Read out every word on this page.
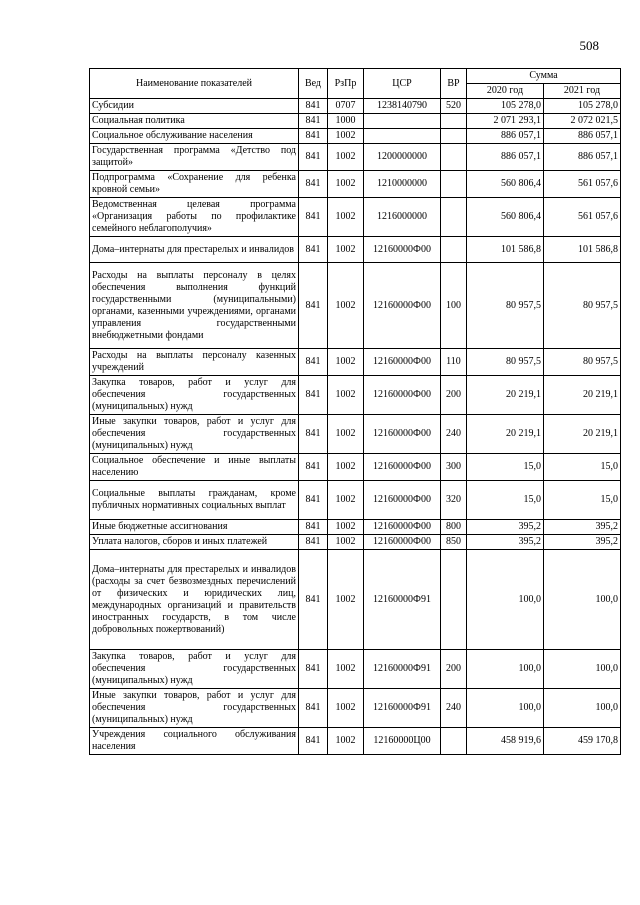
508
Наименование показателей	Вед	РзПр	ЦСР	ВР	Сумма	
					2020 год	2021 год
Субсидии	841	0707	1238140790	520	105 278,0	105 278,0
Социальная политика	841	1000			2 071 293,1	2 072 021,5
Социальное обслуживание населения	841	1002			886 057,1	886 057,1
Государственная программа «Детство под защитой»	841	1002	1200000000		886 057,1	886 057,1
Подпрограмма «Сохранение для ребенка кровной семьи»	841	1002	1210000000		560 806,4	561 057,6
Ведомственная целевая программа «Организация работы по профилактике семейного неблагополучия»	841	1002	1216000000		560 806,4	561 057,6
Дома–интернаты для престарелых и инвалидов	841	1002	12160000Ф00		101 586,8	101 586,8
Расходы на выплаты персоналу в целях обеспечения выполнения функций государственными (муниципальными) органами, казенными учреждениями, органами управления государственными внебюджетными фондами	841	1002	12160000Ф00	100	80 957,5	80 957,5
Расходы на выплаты персоналу казенных учреждений	841	1002	12160000Ф00	110	80 957,5	80 957,5
Закупка товаров, работ и услуг для обеспечения государственных (муниципальных) нужд	841	1002	12160000Ф00	200	20 219,1	20 219,1
Иные закупки товаров, работ и услуг для обеспечения государственных (муниципальных) нужд	841	1002	12160000Ф00	240	20 219,1	20 219,1
Социальное обеспечение и иные выплаты населению	841	1002	12160000Ф00	300	15,0	15,0
Социальные выплаты гражданам, кроме публичных нормативных социальных выплат	841	1002	12160000Ф00	320	15,0	15,0
Иные бюджетные ассигнования	841	1002	12160000Ф00	800	395,2	395,2
Уплата налогов, сборов и иных платежей	841	1002	12160000Ф00	850	395,2	395,2
Дома–интернаты для престарелых и инвалидов (расходы за счет безвозмездных перечислений от физических и юридических лиц, международных организаций и правительств иностранных государств, в том числе добровольных пожертвований)	841	1002	12160000Ф91		100,0	100,0
Закупка товаров, работ и услуг для обеспечения государственных (муниципальных) нужд	841	1002	12160000Ф91	200	100,0	100,0
Иные закупки товаров, работ и услуг для обеспечения государственных (муниципальных) нужд	841	1002	12160000Ф91	240	100,0	100,0
Учреждения социального обслуживания населения	841	1002	12160000Ц00		458 919,6	459 170,8
